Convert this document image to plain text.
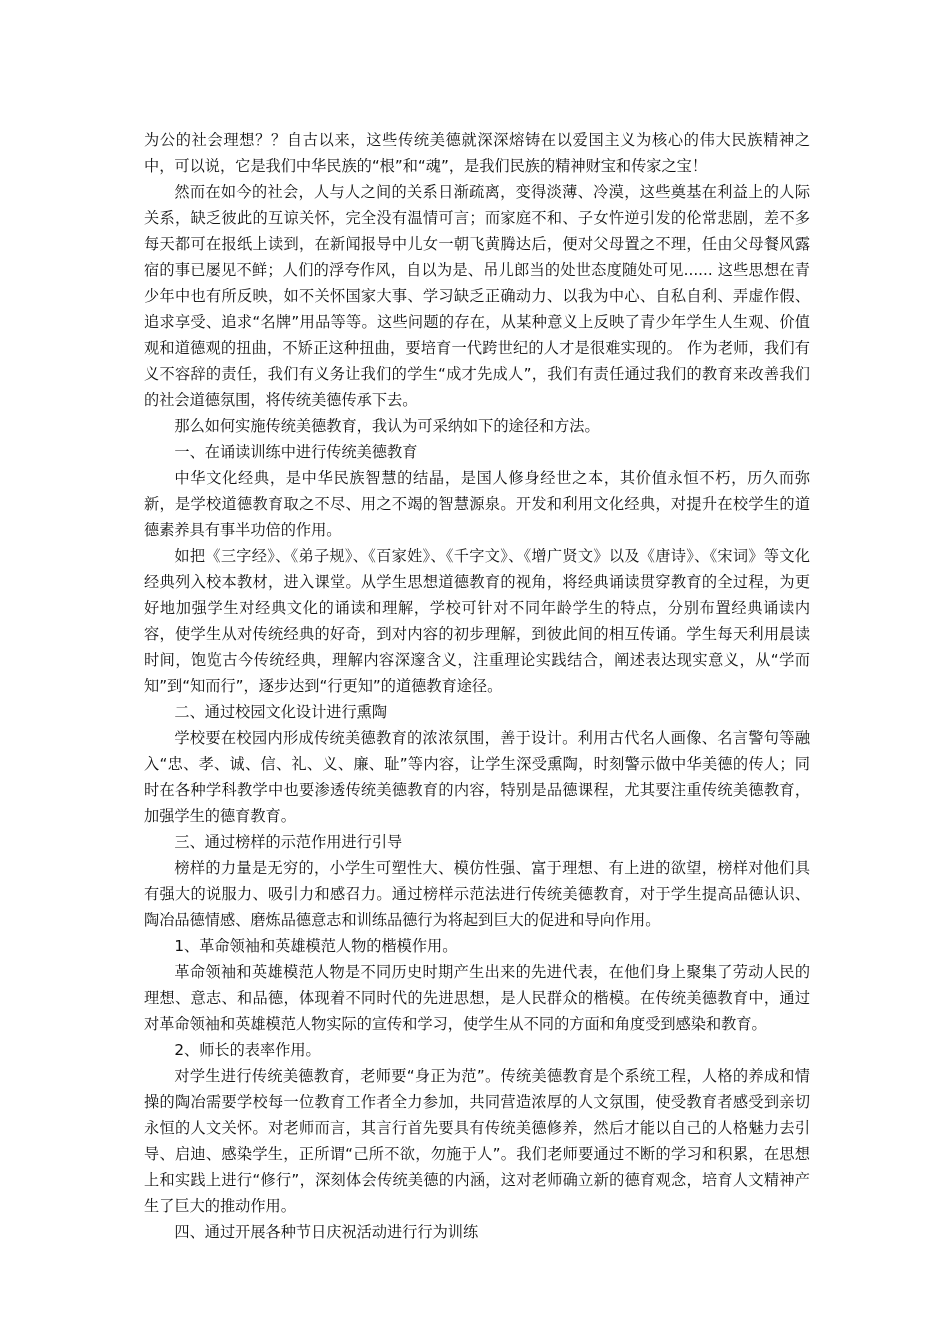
为公的社会理想？？自古以来，这些传统美德就深深熔铸在以爱国主义为核心的伟大民族精神之中，可以说，它是我们中华民族的“根”和“魂”，是我们民族的精神财宝和传家之宝！

然而在如今的社会，人与人之间的关系日渐疏离，变得淡薄、冷漠，这些奠基在利益上的人际关系，缺乏彼此的互谅关怀，完全没有温情可言；而家庭不和、子女忤逆引发的伦常悲剧，差不多每天都可在报纸上读到，在新闻报导中儿女一朝飞黄腾达后，便对父母置之不理，任由父母餐风露宿的事已屡见不鲜；人们的浮夸作风，自以为是、吊儿郎当的处世态度随处可见...... 这些思想在青少年中也有所反映，如不关怀国家大事、学习缺乏正确动力、以我为中心、自私自利、弄虚作假、追求享受、追求“名牌”用品等等。这些问题的存在，从某种意义上反映了青少年学生人生观、价值观和道德观的扭曲，不矫正这种扭曲，要培育一代跨世纪的人才是很难实现的。 作为老师，我们有义不容辞的责任，我们有义务让我们的学生“成才先成人”，我们有责任通过我们的教育来改善我们的社会道德氛围，将传统美德传承下去。

那么如何实施传统美德教育，我认为可采纳如下的途径和方法。

一、在诵读训练中进行传统美德教育

中华文化经典，是中华民族智慧的结晶，是国人修身经世之本，其价值永恒不朽，历久而弥新，是学校道德教育取之不尽、用之不竭的智慧源泉。开发和利用文化经典，对提升在校学生的道德素养具有事半功倍的作用。

如把《三字经》、《弟子规》、《百家姓》、《千字文》、《增广贤文》以及《唐诗》、《宋词》等文化经典列入校本教材，进入课堂。从学生思想道德教育的视角，将经典诵读贯穿教育的全过程，为更好地加强学生对经典文化的诵读和理解，学校可针对不同年龄学生的特点，分别布置经典诵读内容，使学生从对传统经典的好奇，到对内容的初步理解，到彼此间的相互传诵。学生每天利用晨读时间，饱览古今传统经典，理解内容深邃含义，注重理论实践结合，阐述表达现实意义，从“学而知”到“知而行”，逐步达到“行更知”的道德教育途径。

二、通过校园文化设计进行熏陶

学校要在校园内形成传统美德教育的浓浓氛围，善于设计。利用古代名人画像、名言警句等融入“忠、孝、诚、信、礼、义、廉、耻”等内容，让学生深受熏陶，时刻警示做中华美德的传人；同时在各种学科教学中也要渗透传统美德教育的内容，特别是品德课程，尤其要注重传统美德教育，加强学生的德育教育。

三、通过榜样的示范作用进行引导

榜样的力量是无穷的，小学生可塑性大、模仿性强、富于理想、有上进的欲望，榜样对他们具有强大的说服力、吸引力和感召力。通过榜样示范法进行传统美德教育，对于学生提高品德认识、陶冶品德情感、磨炼品德意志和训练品德行为将起到巨大的促进和导向作用。

1、革命领袖和英雄模范人物的楷模作用。

革命领袖和英雄模范人物是不同历史时期产生出来的先进代表，在他们身上聚集了劳动人民的理想、意志、和品德，体现着不同时代的先进思想，是人民群众的楷模。在传统美德教育中，通过对革命领袖和英雄模范人物实际的宣传和学习，使学生从不同的方面和角度受到感染和教育。

2、师长的表率作用。

对学生进行传统美德教育，老师要“身正为范”。传统美德教育是个系统工程，人格的养成和情操的陶冶需要学校每一位教育工作者全力参加，共同营造浓厚的人文氛围，使受教育者感受到亲切永恒的人文关怀。对老师而言，其言行首先要具有传统美德修养，然后才能以自己的人格魅力去引导、启迪、感染学生，正所谓“己所不欲，勿施于人”。我们老师要通过不断的学习和积累，在思想上和实践上进行“修行”，深刻体会传统美德的内涵，这对老师确立新的德育观念，培育人文精神产生了巨大的推动作用。

四、通过开展各种节日庆祝活动进行行为训练
